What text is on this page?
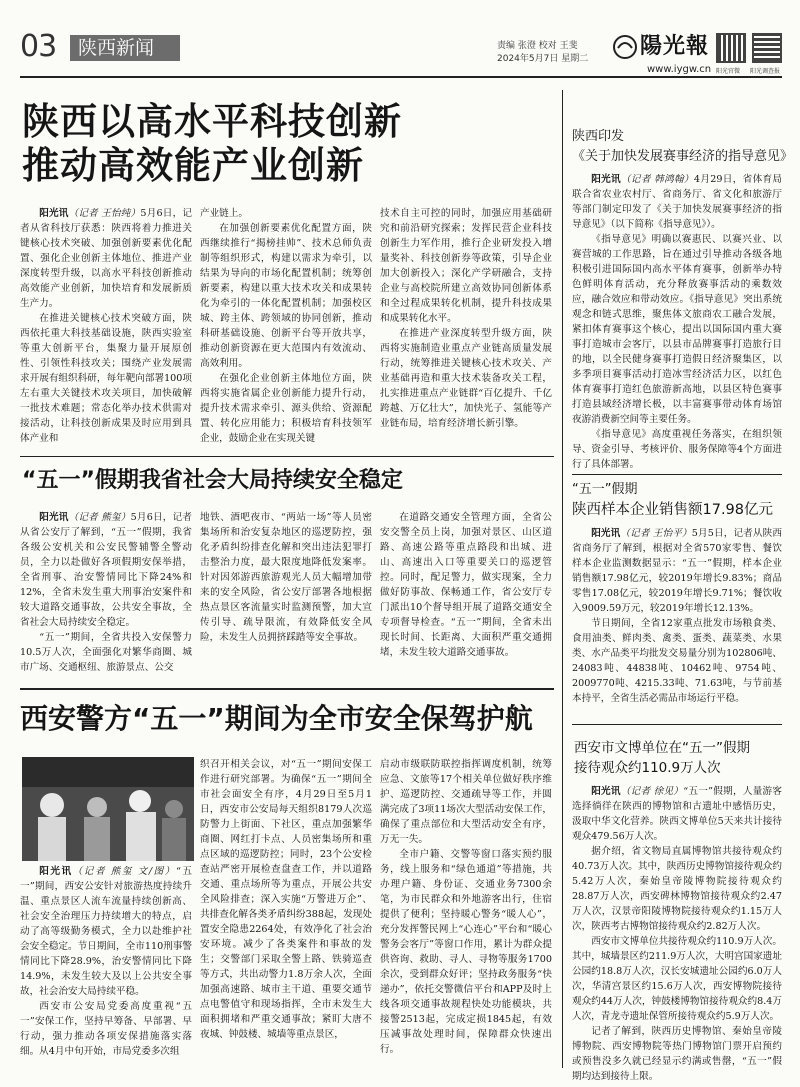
03	陕西新闻	责编 张澄 校对 王斐
2024年5月7日 星期二 陽光報
www.iygw.cn 阳光官微 阳光调查报
陕西以高水平科技创新
推动高效能产业创新

阳光讯（记者 王怡纯）5月6日，记者从省科技厅获悉：陕西将着力推进关键核心技术突破、加强创新要素优化配置、强化企业创新主体地位、推进产业深度转型升级，以高水平科技创新推动高效能产业创新，加快培育和发展新质生产力。

在推进关键核心技术突破方面，陕西依托重大科技基础设施，陕西实验室等重大创新平台，集聚力量开展原创性、引领性科技攻关；围绕产业发展需求开展有组织科研，每年靶向部署100项左右重大关键技术攻关项目，加快破解一批技术难题；常态化举办技术供需对接活动，让科技创新成果及时应用到具体产业和

产业链上。

在加强创新要素优化配置方面，陕西继续推行“揭榜挂帅”、技术总师负责制等组织形式，构建以需求为牵引，以结果为导向的市场化配置机制；统筹创新要素，构建以重大技术攻关和成果转化为牵引的一体化配置机制；加强校区城、跨主体、跨领域的协同创新，推动科研基础设施、创新平台等开放共享，推动创新资源在更大范围内有效流动、高效利用。

在强化企业创新主体地位方面，陕西将实施省属企业创新能力提升行动，提升技术需求牵引、源头供给、资源配置、转化应用能力；积极培育科技领军企业，鼓励企业在实现关键

技术自主可控的同时，加强应用基础研究和前沿研究探索；发挥民营企业科技创新生力军作用，推行企业研发投入增量奖补、科技创新券等政策，引导企业加大创新投入；深化产学研融合，支持企业与高校院所建立高效协同创新体系和全过程成果转化机制，提升科技成果和成果转化水平。

在推进产业深度转型升级方面，陕西将实施制造业重点产业链高质量发展行动，统筹推进关键核心技术攻关、产业基础再造和重大技术装备攻关工程，扎实推进重点产业链群“百亿提升、千亿跨越、万亿壮大”，加快光子、氢能等产业链布局，培育经济增长新引擎。

“五一”假期我省社会大局持续安全稳定

阳光讯（记者 熊玺）5月6日，记者从省公安厅了解到，“五一”假期，我省各级公安机关和公安民警辅警全警动员，全力以赴做好各项假期安保举措，全省刑事、治安警情同比下降24%和12%，全省未发生重大刑事治安案件和较大道路交通事故，公共安全事故，全省社会大局持续安全稳定。

“五一”期间，全省共投入安保警力10.5万人次，全面强化对繁华商圈、城市广场、交通枢纽、旅游景点、公交

地铁、酒吧夜市、“两站一场”等人员密集场所和治安复杂地区的巡逻防控，强化矛盾纠纷排查化解和突出违法犯罪打击整治力度，最大限度地降低发案率。针对因郊游西旅游观光人员大幅增加带来的安全风险，省公安厅部署各地根据热点景区客流量实时监测预警，加大宣传引导、疏导限流，有效降低安全风险，未发生人员拥挤踩踏等安全事故。

在道路交通安全管理方面，全省公安交警全员上岗，加强对景区、山区道路、高速公路等重点路段和出城、进山、高速出入口等重要关口的巡逻管控。同时，配足警力，做实现案，全力做好防事故、保畅通工作，省公安厅专门派出10个督导组开展了道路交通安全专项督导检查。“五一”期间，全省未出现长时间、长距离、大面积严重交通拥堵，未发生较大道路交通事故。

西安警方“五一”期间为全市安全保驾护航

阳光讯（记者 熊玺 文/图）“五一”期间，西安公安针对旅游热度持续升温、重点景区人流车流量持续创新高、社会安全治理压力持续增大的特点，启动了高等级勤务模式，全力以赴维护社会安全稳定。节日期间，全市110刑事警情同比下降28.9%，治安警情同比下降14.9%，未发生较大及以上公共安全事故，社会治安大局持续平稳。

西安市公安局党委高度重视“五一”安保工作，坚持早筹备、早部署、早行动，强力推动各项安保措施落实落细。从4月中旬开始，市局党委多次组

织召开相关会议，对“五一”期间安保工作进行研究部署。为确保“五一”期间全市社会面安全有序，4月29日至5月1日，西安市公安局每天组织8179人次巡防警力上街面、下社区，重点加强繁华商圈、网红打卡点、人员密集场所和重点区域的巡逻防控；同时，23个公安检查站严密开展检查盘查工作，并以道路交通、重点场所等为重点，开展公共安全风险排查；深入实施“万警进万企”、共排查化解各类矛盾纠纷388起，发现处置安全隐患2264处，有效净化了社会治安环境。减少了各类案件和事故的发生；交警部门采取全警上路、铁骑巡查等方式，共出动警力1.8万余人次，全面加强高速路、城市主干道、重要交通节点电警值守和现场指挥，全市未发生大面积拥堵和严重交通事故；紧盯大唐不夜城、钟鼓楼、城墙等重点景区，

启动市级联防联控指挥调度机制，统筹应急、文旅等17个相关单位做好秩序维护、巡逻防控、交通疏导等工作，并圆满完成了3项11场次大型活动安保工作，确保了重点部位和大型活动安全有序，万无一失。

全市户籍、交警等窗口落实预约服务，线上服务和“绿色通道”等措施，共办理户籍、身份证、交通业务7300余笔，为市民群众和外地游客出行，住宿提供了便利；坚持暖心警务“暖人心”，充分发挥警民网上“心连心”平台和“暖心警务会客厅”等窗口作用，累计为群众提供咨询、救助、寻人、寻物等服务1700余次，受到群众好评；坚持政务服务“快递办”，依托交警微信平台和APP及时上线各项交通事故规程快处功能模块，共接警2513起，完成定损1845起，有效压减事故处理时间，保障群众快速出行。

陕西印发
《关于加快发展赛事经济的指导意见》

阳光讯（记者 韩鸿翰）4月29日，省体育局联合省农业农村厅、省商务厅、省文化和旅游厅等部门制定印发了《关于加快发展赛事经济的指导意见》（以下简称《指导意见》）。

《指导意见》明确以赛惠民、以赛兴业、以赛营城的工作思路，旨在通过引导推动各级各地积极引进国际国内高水平体育赛事，创新举办特色鲜明体育活动，充分释放赛事活动的乘数效应，融合效应和带动效应。《指导意见》突出系统观念和链式思维，聚焦体文旅商农工融合发展，紧扣体育赛事这个核心，提出以国际国内重大赛事打造城市会客厅，以县市品牌赛事打造旅行目的地，以全民健身赛事打造假日经济聚集区，以多季项目赛事活动打造冰雪经济活力区，以红色体育赛事打造红色旅游新高地，以县区特色赛事打造县域经济增长极，以丰富赛事带动体育场馆夜游消费新空间等主要任务。

《指导意见》高度重视任务落实，在组织领导、资金引导、考核评价、服务保障等4个方面进行了具体部署。

“五一”假期
陕西样本企业销售额17.98亿元

阳光讯（记者 王怡平）5月5日，记者从陕西省商务厅了解到，根据对全省570家零售、餐饮样本企业监测数据显示：“五一”假期，样本企业销售额17.98亿元，较2019年增长9.83%；商品零售17.08亿元，较2019年增长9.71%；餐饮收入9009.59万元，较2019年增长12.13%。

节日期间，全省12家重点批发市场粮食类、食用油类、鲜肉类、禽类、蛋类、蔬菜类、水果类、水产品类平均批发交易量分别为102806吨、24083吨、44838吨、10462吨、9754吨、2009770吨、4215.33吨、71.63吨，与节前基本持平，全省生活必需品市场运行平稳。

西安市文博单位在“五一”假期
接待观众约110.9万人次

阳光讯（记者 徐见）“五一”假期，人量游客选择徜徉在陕西的博物馆和古遗址中感悟历史，汲取中华文化营养。陕西文博单位5天来共计接待观众479.56万人次。

据介绍，省文物局直属博物馆共接待观众约40.73万人次。其中，陕西历史博物馆接待观众约5.42万人次，秦始皇帝陵博物院接待观众约28.87万人次，西安碑林博物馆接待观众约2.47万人次，汉景帝阳陵博物院接待观众约1.15万人次，陕西考古博物馆接待观众约2.82万人次。

西安市文博单位共接待观众约110.9万人次。其中，城墙景区约211.9万人次，大明宫国家遗址公园约18.8万人次，汉长安城遗址公园约6.0万人次，华清宫景区约15.6万人次，西安博物院接待观众约44万人次，钟鼓楼博物馆接待观众约8.4万人次，青龙寺遗址保管所接待观众约5.9万人次。

记者了解到，陕西历史博物馆、秦始皇帝陵博物院、西安博物院等热门博物馆门票开启预约或预售没多久就已经显示约满或售罄，“五一”假期均达到接待上限。
